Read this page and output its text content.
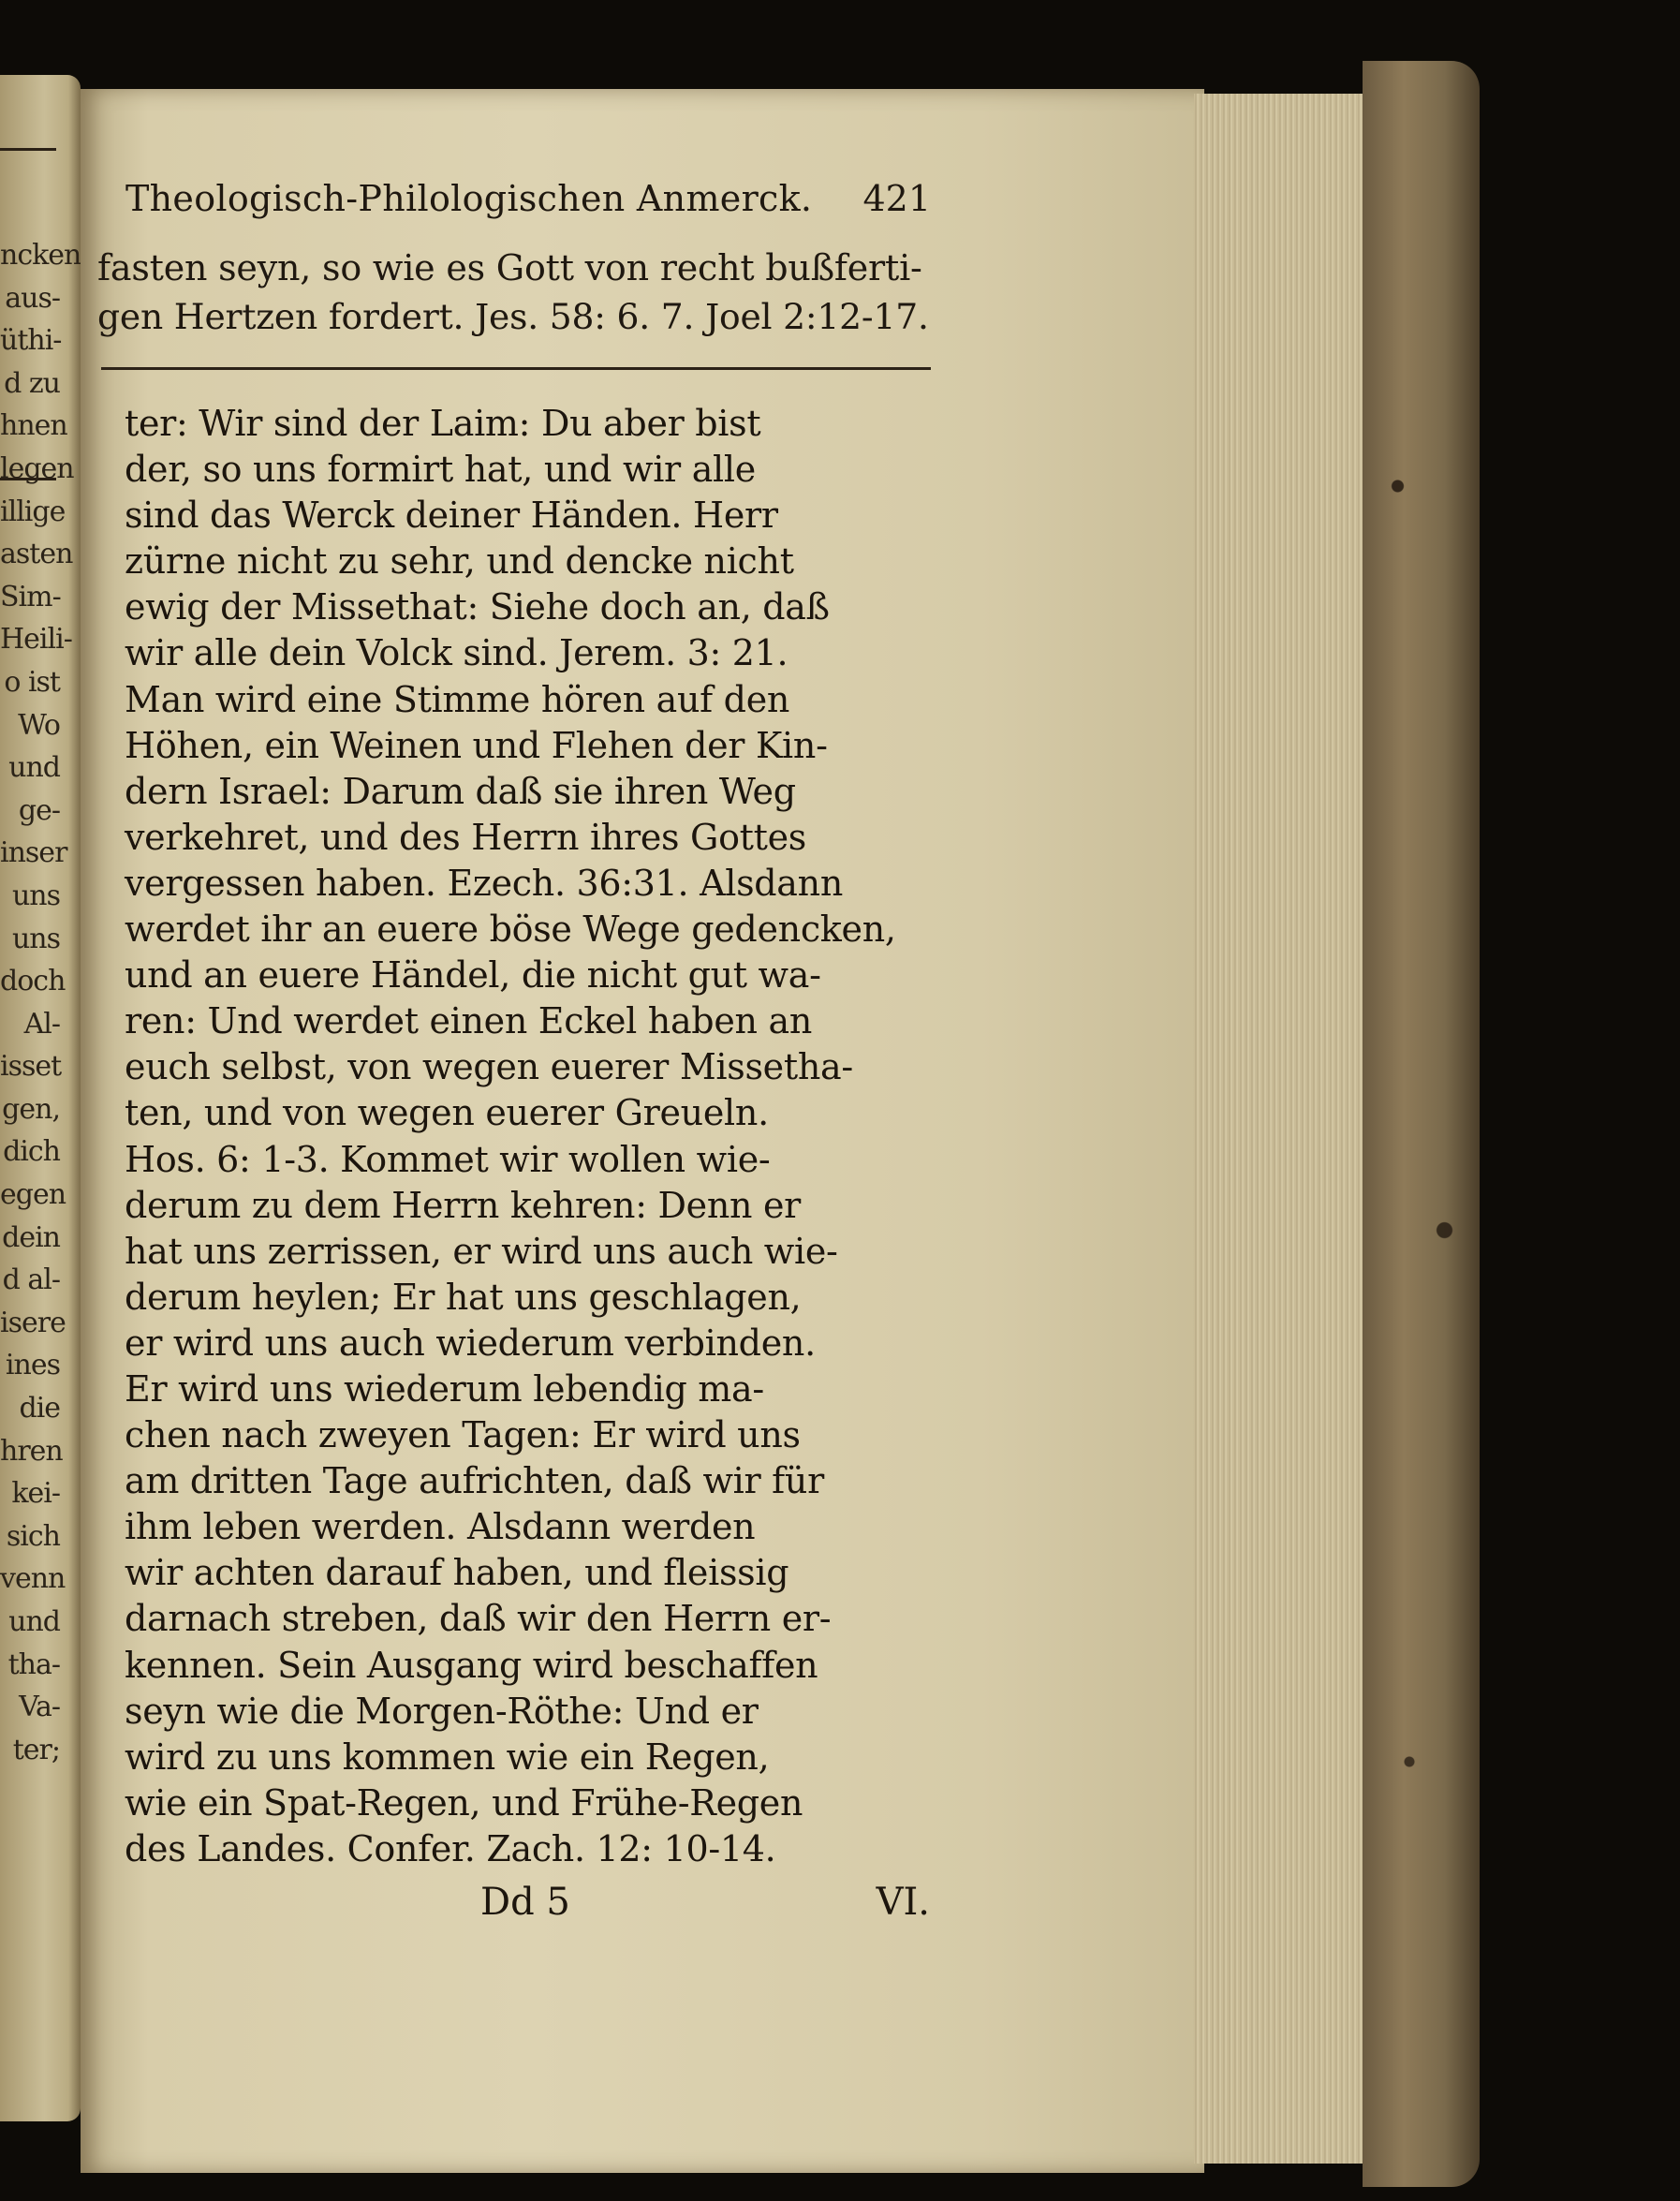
ncken
aus-
üthi-
d zu
hnen
legen
illige
asten
Sim-
Heili-
o ist
Wo
und
ge-
inser
uns
uns
doch
Al-
isset
gen,
dich
egen
dein
d al-
isere
ines
die
hren
kei-
sich
venn
und
tha-
Va-
ter;
Theologisch-Philologischen Anmerck. 421
fasten seyn, so wie es Gott von recht bußferti-
gen Hertzen fordert. Jes. 58: 6. 7. Joel 2:12-17.
ter: Wir sind der Laim: Du aber bist
der, so uns formirt hat, und wir alle
sind das Werck deiner Händen. Herr
zürne nicht zu sehr, und dencke nicht
ewig der Missethat: Siehe doch an, daß
wir alle dein Volck sind. Jerem. 3: 21.
Man wird eine Stimme hören auf den
Höhen, ein Weinen und Flehen der Kin-
dern Israel: Darum daß sie ihren Weg
verkehret, und des Herrn ihres Gottes
vergessen haben. Ezech. 36:31. Alsdann
werdet ihr an euere böse Wege gedencken,
und an euere Händel, die nicht gut wa-
ren: Und werdet einen Eckel haben an
euch selbst, von wegen euerer Missetha-
ten, und von wegen euerer Greueln.
Hos. 6: 1-3. Kommet wir wollen wie-
derum zu dem Herrn kehren: Denn er
hat uns zerrissen, er wird uns auch wie-
derum heylen; Er hat uns geschlagen,
er wird uns auch wiederum verbinden.
Er wird uns wiederum lebendig ma-
chen nach zweyen Tagen: Er wird uns
am dritten Tage aufrichten, daß wir für
ihm leben werden. Alsdann werden
wir achten darauf haben, und fleissig
darnach streben, daß wir den Herrn er-
kennen. Sein Ausgang wird beschaffen
seyn wie die Morgen-Röthe: Und er
wird zu uns kommen wie ein Regen,
wie ein Spat-Regen, und Frühe-Regen
des Landes. Confer. Zach. 12: 10-14.
Dd 5	VI.
